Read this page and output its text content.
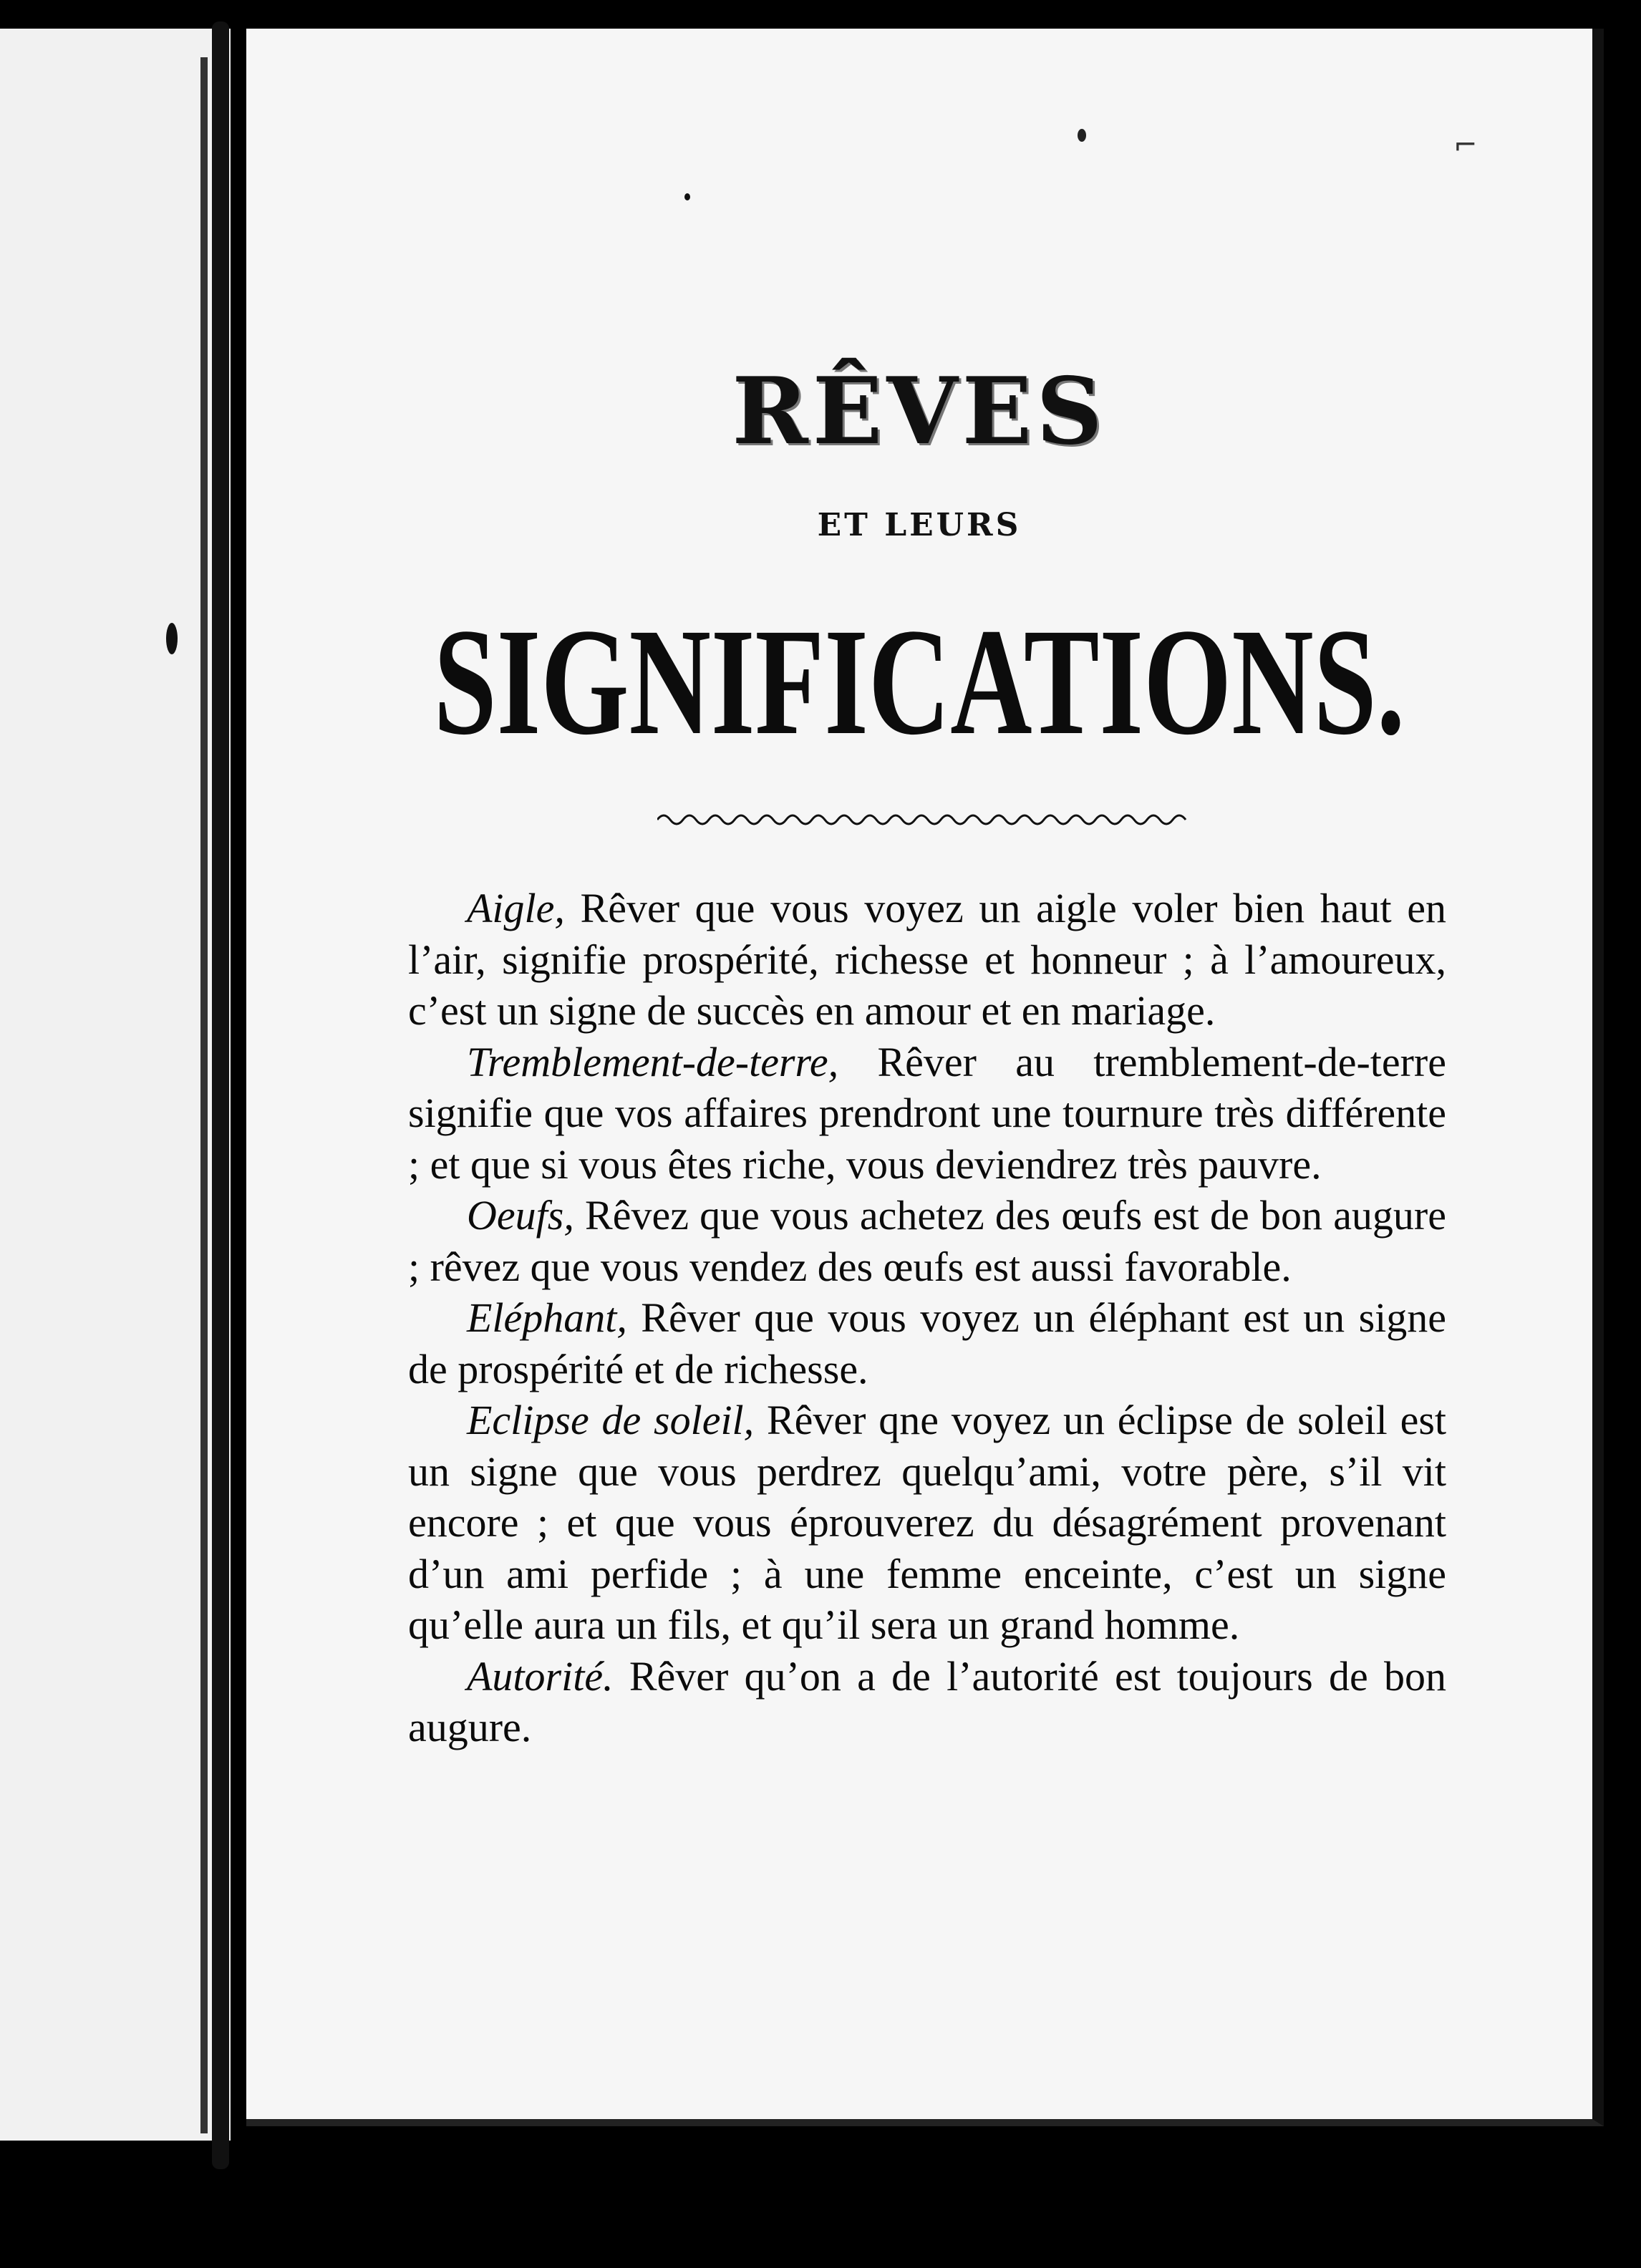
⌐
RÊVES
ET LEURS
SIGNIFICATIONS.

Aigle, Rêver que vous voyez un aigle voler bien haut en l’air, signifie prospérité, richesse et honneur ; à l’amoureux, c’est un signe de succès en amour et en mariage.

Tremblement-de-terre, Rêver au tremblement-de-terre signifie que vos affaires prendront une tournure très différente ; et que si vous êtes riche, vous deviendrez très pauvre.

Oeufs, Rêvez que vous achetez des œufs est de bon augure ; rêvez que vous vendez des œufs est aussi favorable.

Eléphant, Rêver que vous voyez un éléphant est un signe de prospérité et de richesse.

Eclipse de soleil, Rêver qne voyez un éclipse de soleil est un signe que vous perdrez quelqu’ami, votre père, s’il vit encore ; et que vous éprouverez du désagrément provenant d’un ami perfide ; à une femme enceinte, c’est un signe qu’elle aura un fils, et qu’il sera un grand homme.

Autorité. Rêver qu’on a de l’autorité est toujours de bon augure.
